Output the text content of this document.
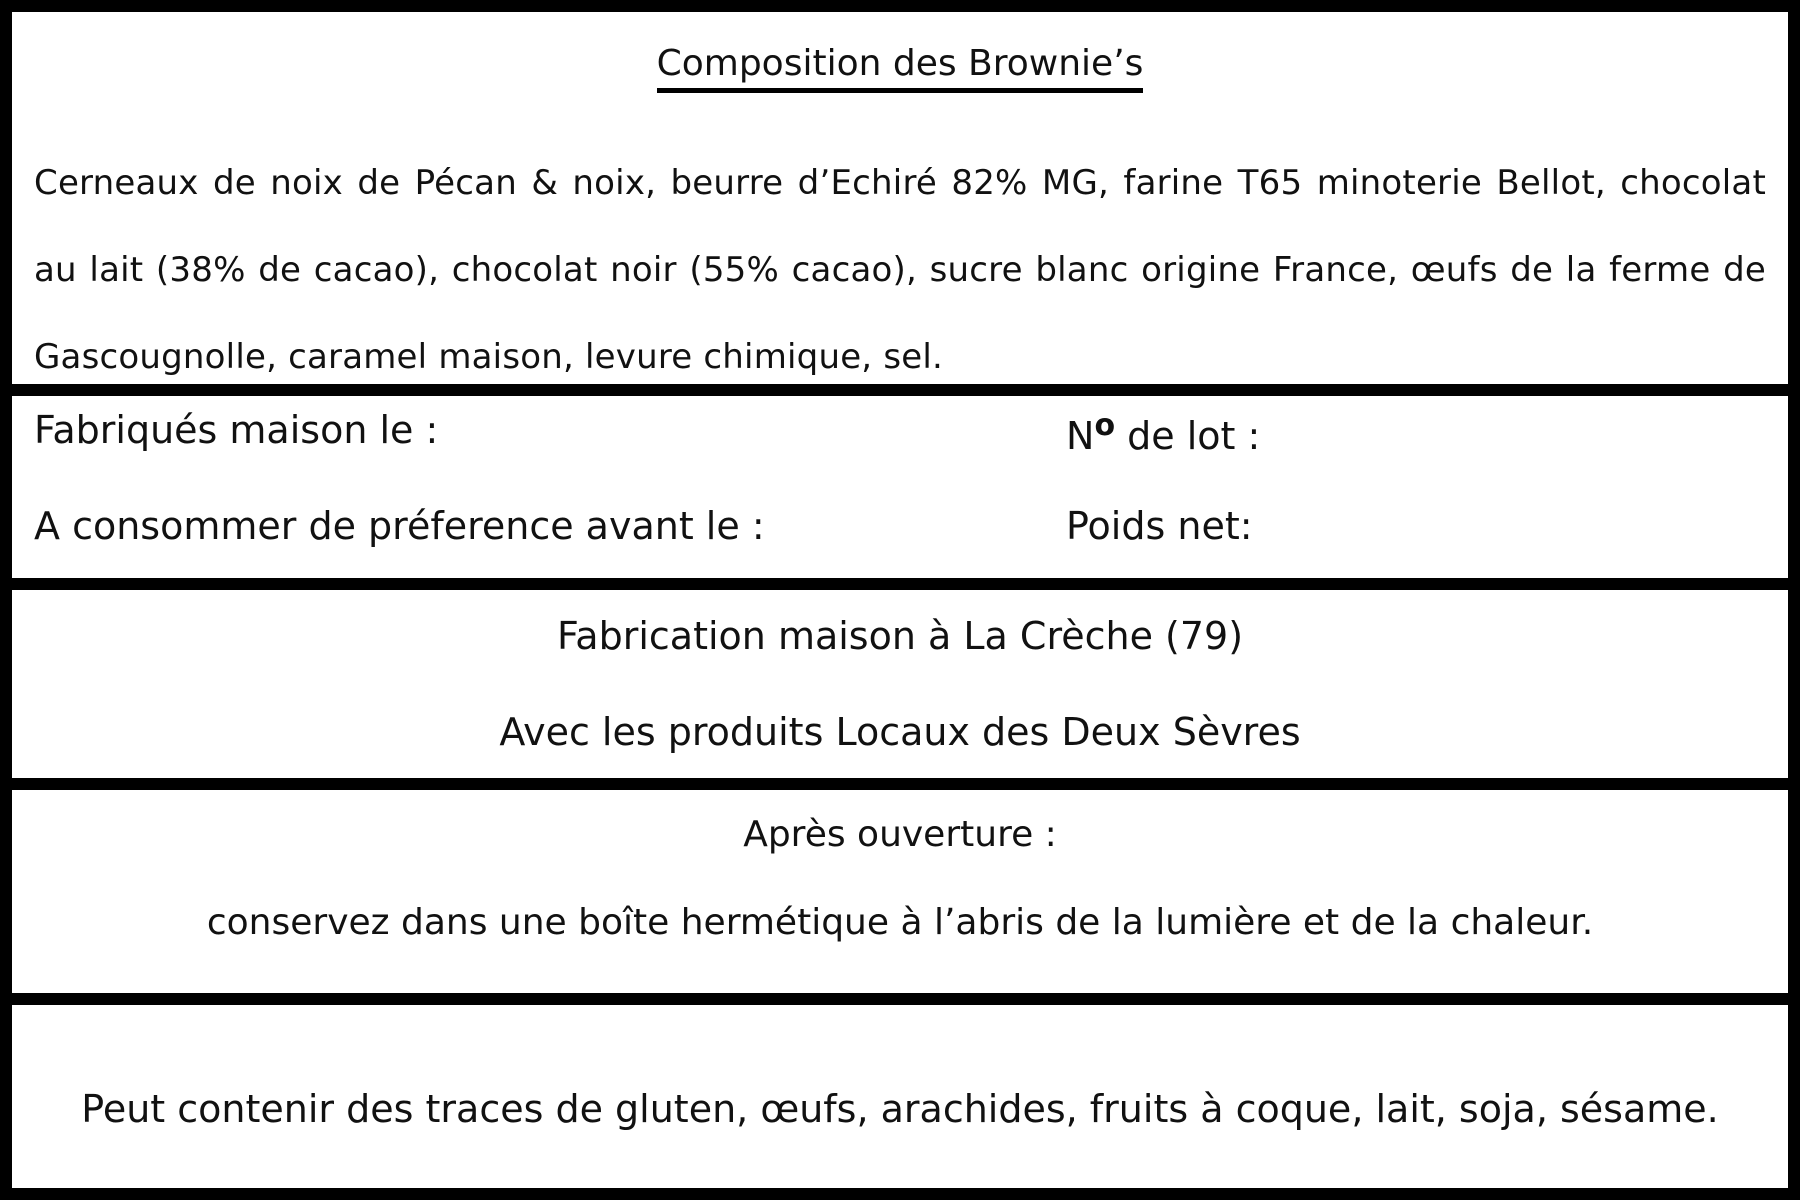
Composition des Brownie’s
Cerneaux de noix de Pécan & noix, beurre d’Echiré 82% MG, farine T65 minoterie Bellot, chocolat au lait (38% de cacao), chocolat noir (55% cacao), sucre blanc origine France, œufs de la ferme de Gascougnolle, caramel maison, levure chimique, sel.
Fabriqués maison le :
A consommer de préference avant le :
$N^o$ de lot :
Poids net:
Fabrication maison à La Crèche (79)
Avec les produits Locaux des Deux Sèvres
Après ouverture :
conservez dans une boîte hermétique à l’abris de la lumière et de la chaleur.
Peut contenir des traces de gluten, œufs, arachides, fruits à coque, lait, soja, sésame.
